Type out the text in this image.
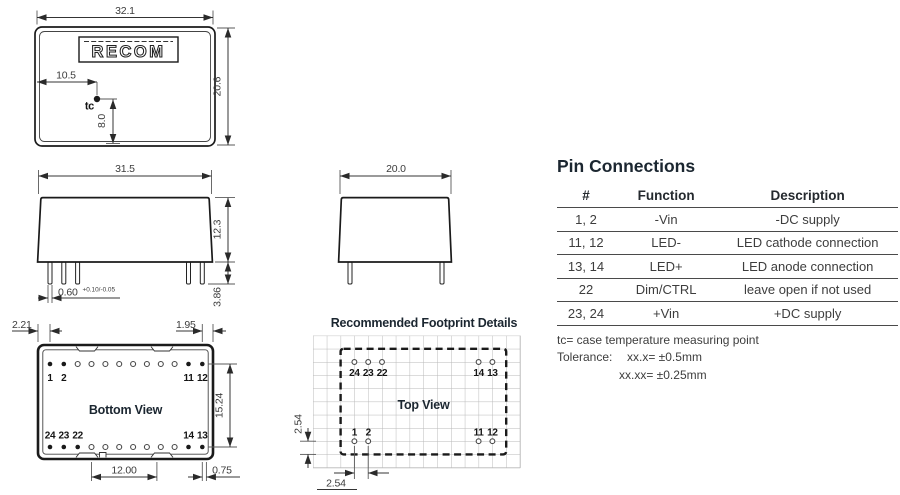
32.1
RECOM
10.5
tc
8.0
20.6
31.5
12.3
3.86
0.60 +0.10/-0.05
20.0
2.21	1.95
1 2	11 12
Bottom View
24 23 22	14 13
15.24
12.00	0.75
Recommended Footprint Details
24 23 22	14 13
Top View
1 2	11 12
2.54
2.54
Pin Connections
#	Function	Description
1, 2	-Vin	-DC supply
11, 12	LED-	LED cathode connection
13, 14	LED+	LED anode connection
22	Dim/CTRL	leave open if not used
23, 24	+Vin	+DC supply
tc= case temperature measuring point
Tolerance: xx.x= ±0.5mm
xx.xx= ±0.25mm
